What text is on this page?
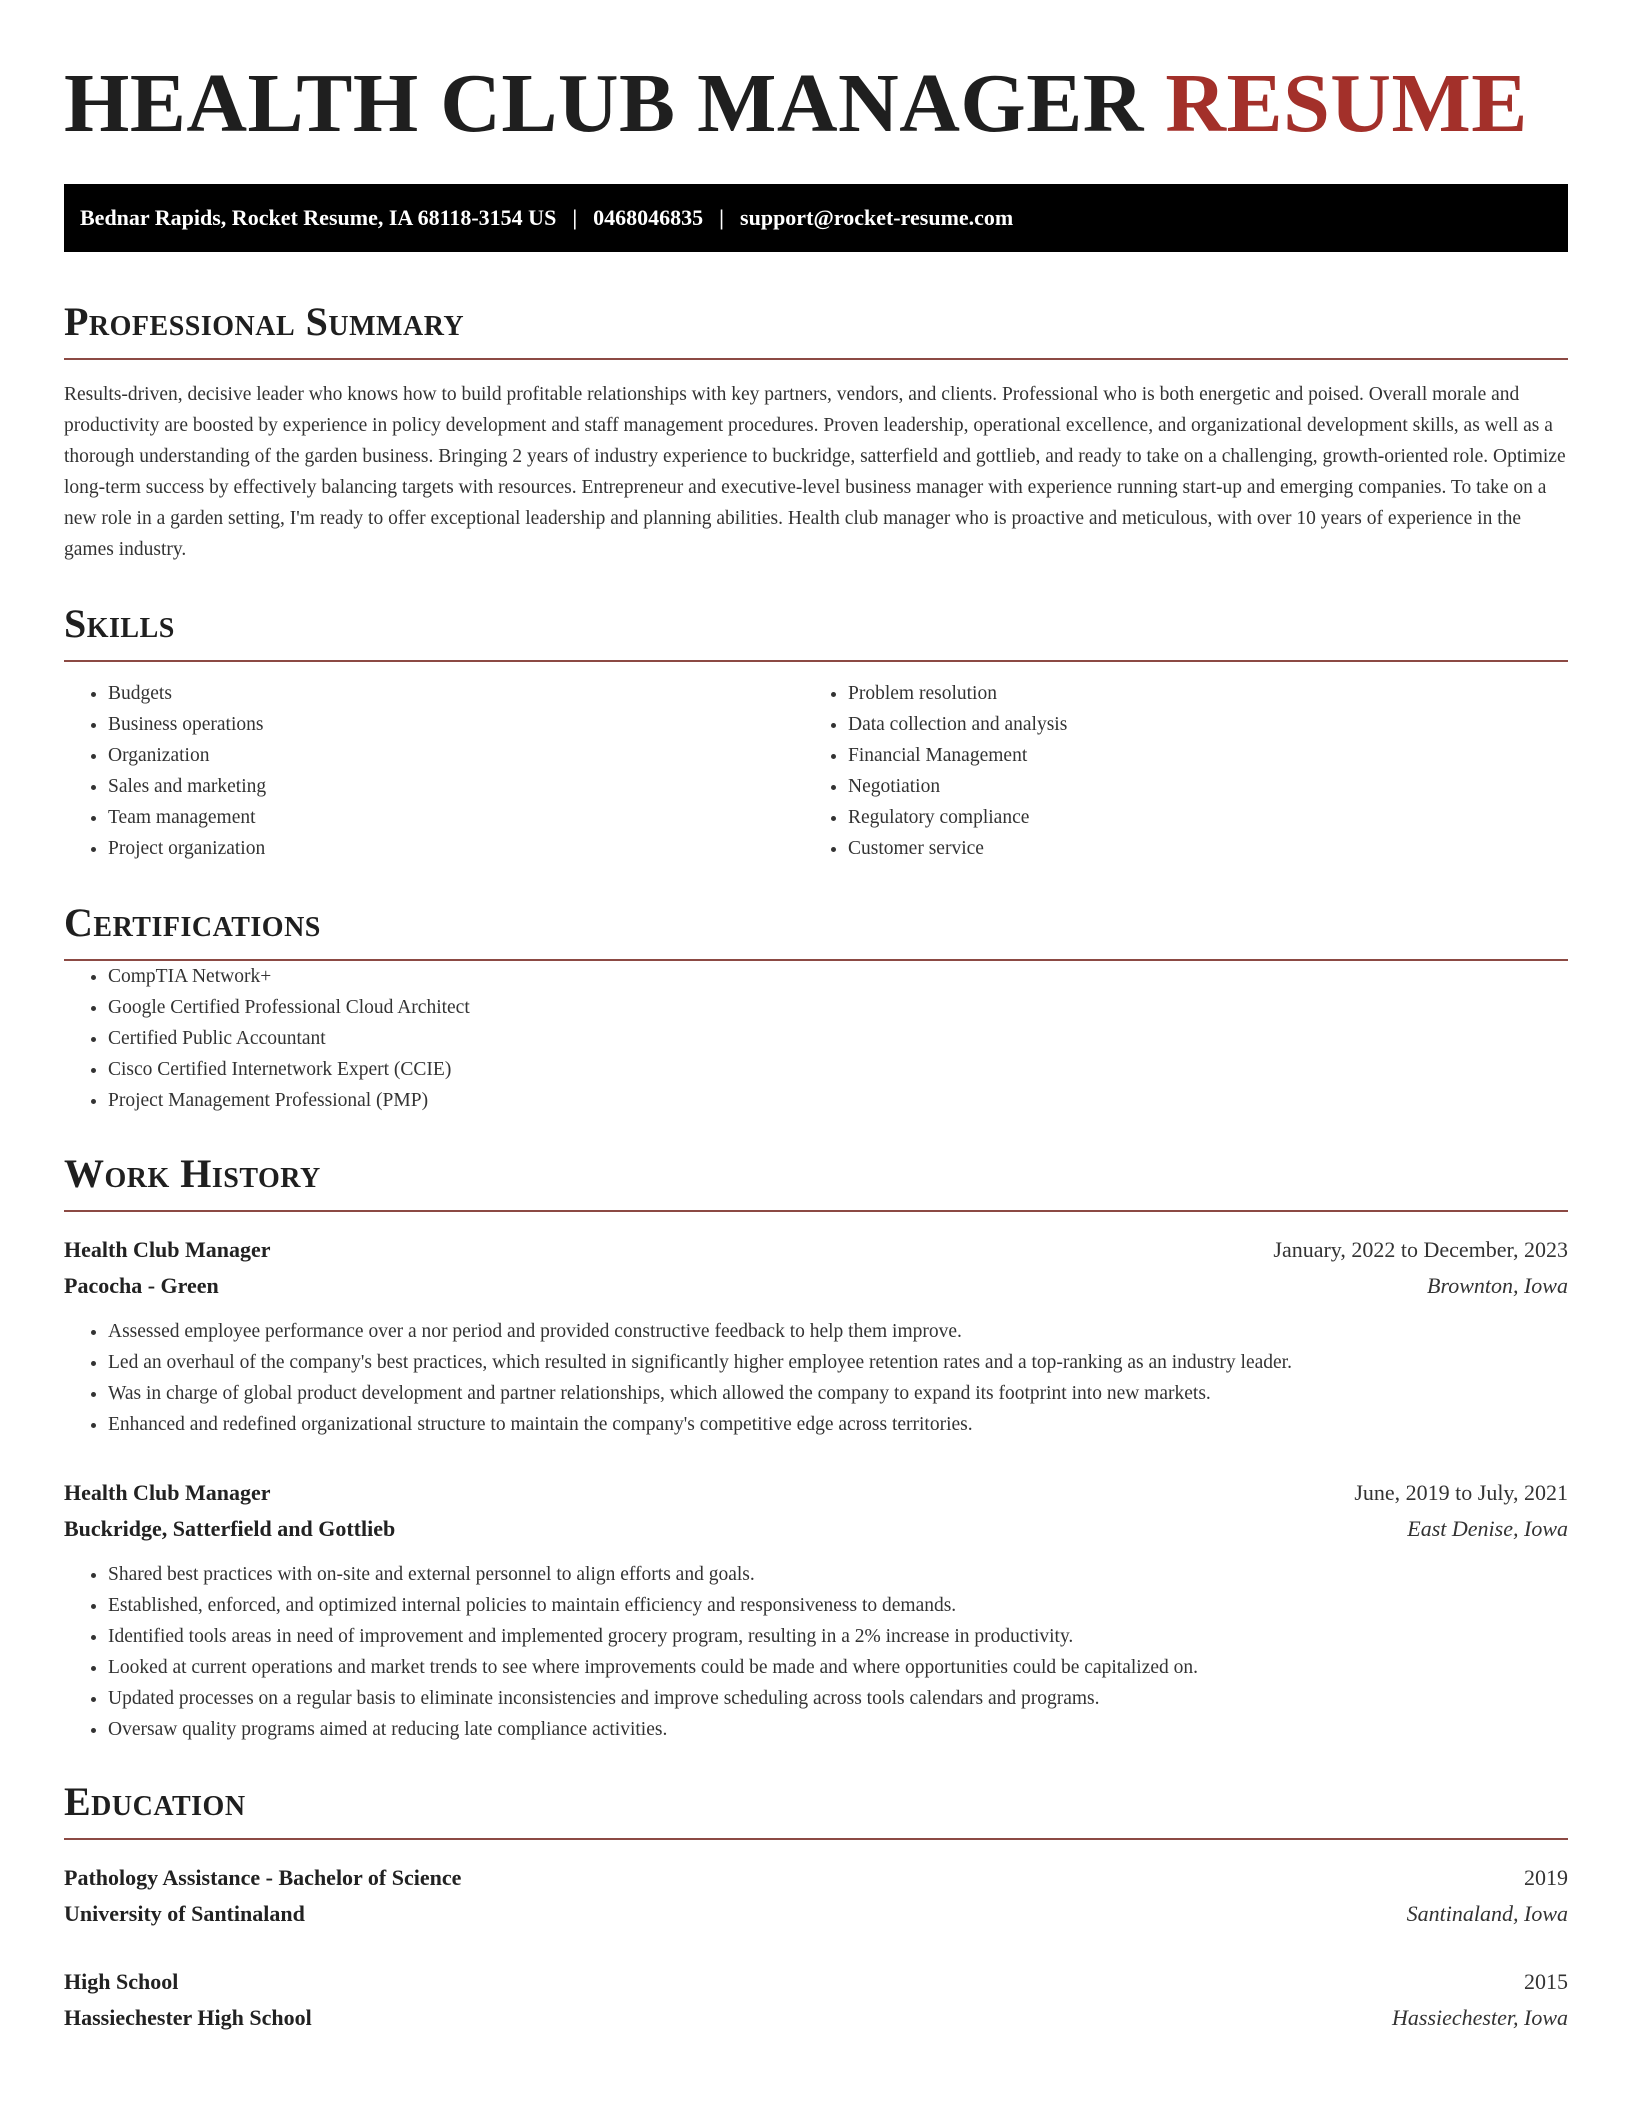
HEALTH CLUB MANAGER RESUME
Bednar Rapids, Rocket Resume, IA 68118-3154 US | 0468046835 | support@rocket-resume.com
Professional Summary

Results-driven, decisive leader who knows how to build profitable relationships with key partners, vendors, and clients. Professional who is both energetic and poised. Overall morale and productivity are boosted by experience in policy development and staff management procedures. Proven leadership, operational excellence, and organizational development skills, as well as a thorough understanding of the garden business. Bringing 2 years of industry experience to buckridge, satterfield and gottlieb, and ready to take on a challenging, growth-oriented role. Optimize long-term success by effectively balancing targets with resources. Entrepreneur and executive-level business manager with experience running start-up and emerging companies. To take on a new role in a garden setting, I'm ready to offer exceptional leadership and planning abilities. Health club manager who is proactive and meticulous, with over 10 years of experience in the games industry.

Skills
• Budgets
• Business operations
• Organization
• Sales and marketing
• Team management
• Project organization
• Problem resolution
• Data collection and analysis
• Financial Management
• Negotiation
• Regulatory compliance
• Customer service
Certifications
• CompTIA Network+
• Google Certified Professional Cloud Architect
• Certified Public Accountant
• Cisco Certified Internetwork Expert (CCIE)
• Project Management Professional (PMP)
Work History
Health Club Manager	January, 2022 to December, 2023
Pacocha - Green	Brownton, Iowa
• Assessed employee performance over a nor period and provided constructive feedback to help them improve.
• Led an overhaul of the company's best practices, which resulted in significantly higher employee retention rates and a top-ranking as an industry leader.
• Was in charge of global product development and partner relationships, which allowed the company to expand its footprint into new markets.
• Enhanced and redefined organizational structure to maintain the company's competitive edge across territories.
Health Club Manager	June, 2019 to July, 2021
Buckridge, Satterfield and Gottlieb	East Denise, Iowa
• Shared best practices with on-site and external personnel to align efforts and goals.
• Established, enforced, and optimized internal policies to maintain efficiency and responsiveness to demands.
• Identified tools areas in need of improvement and implemented grocery program, resulting in a 2% increase in productivity.
• Looked at current operations and market trends to see where improvements could be made and where opportunities could be capitalized on.
• Updated processes on a regular basis to eliminate inconsistencies and improve scheduling across tools calendars and programs.
• Oversaw quality programs aimed at reducing late compliance activities.
Education
Pathology Assistance - Bachelor of Science	2019
University of Santinaland	Santinaland, Iowa
High School	2015
Hassiechester High School	Hassiechester, Iowa
